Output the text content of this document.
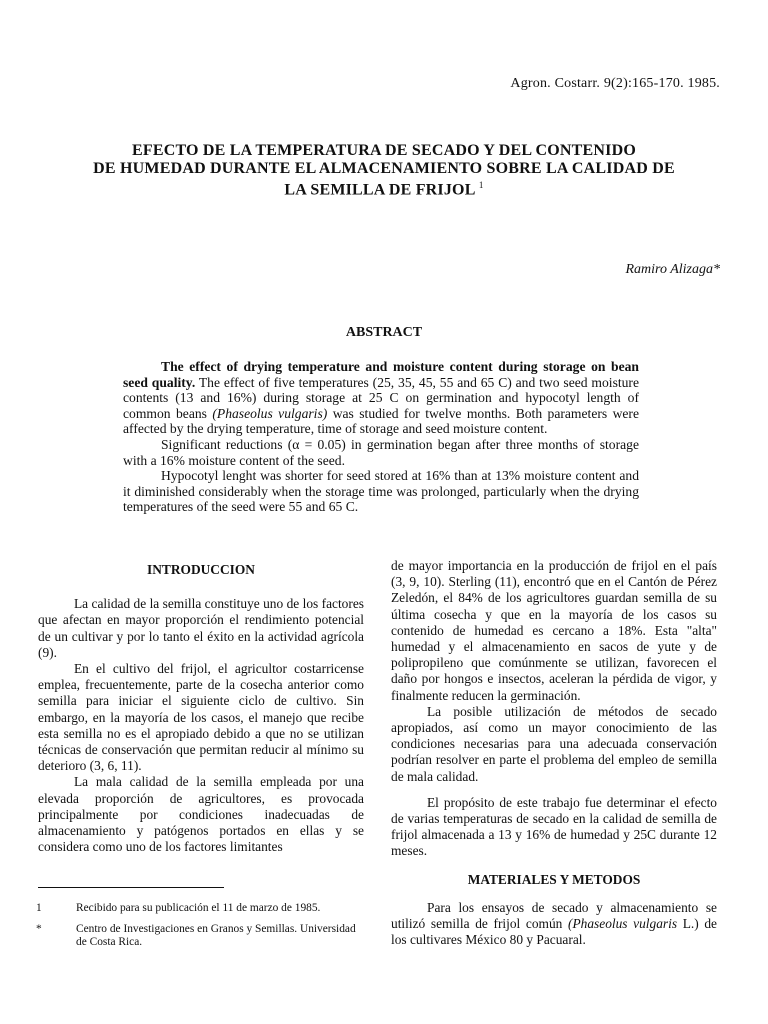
Agron. Costarr. 9(2):165-170. 1985.
EFECTO DE LA TEMPERATURA DE SECADO Y DEL CONTENIDO
DE HUMEDAD DURANTE EL ALMACENAMIENTO SOBRE LA CALIDAD DE
LA SEMILLA DE FRIJOL $^1$
Ramiro Alizaga*
ABSTRACT

The effect of drying temperature and moisture content during storage on bean seed quality. The effect of five temperatures (25, 35, 45, 55 and 65 C) and two seed moisture contents (13 and 16%) during storage at 25 C on germination and hypocotyl length of common beans (Phaseolus vulgaris) was studied for twelve months. Both parameters were affected by the drying temperature, time of storage and seed moisture content.

Significant reductions (α = 0.05) in germination began after three months of storage with a 16% moisture content of the seed.

Hypocotyl lenght was shorter for seed stored at 16% than at 13% moisture content and it diminished considerably when the storage time was prolonged, particularly when the drying temperatures of the seed were 55 and 65 C.

INTRODUCCION

La calidad de la semilla constituye uno de los factores que afectan en mayor proporción el rendimiento potencial de un cultivar y por lo tanto el éxito en la actividad agrícola (9).

En el cultivo del frijol, el agricultor costarricense emplea, frecuentemente, parte de la cosecha anterior como semilla para iniciar el siguiente ciclo de cultivo. Sin embargo, en la mayoría de los casos, el manejo que recibe esta semilla no es el apropiado debido a que no se utilizan técnicas de conservación que permitan reducir al mínimo su deterioro (3, 6, 11).

La mala calidad de la semilla empleada por una elevada proporción de agricultores, es provocada principalmente por condiciones inadecuadas de almacenamiento y patógenos portados en ellas y se considera como uno de los factores limitantes

1	Recibido para su publicación el 11 de marzo de 1985.
*	Centro de Investigaciones en Granos y Semillas. Universidad de Costa Rica.

de mayor importancia en la producción de frijol en el país (3, 9, 10). Sterling (11), encontró que en el Cantón de Pérez Zeledón, el 84% de los agricultores guardan semilla de su última cosecha y que en la mayoría de los casos su contenido de humedad es cercano a 18%. Esta "alta" humedad y el almacenamiento en sacos de yute y de polipropileno que comúnmente se utilizan, favorecen el daño por hongos e insectos, aceleran la pérdida de vigor, y finalmente reducen la germinación.

La posible utilización de métodos de secado apropiados, así como un mayor conocimiento de las condiciones necesarias para una adecuada conservación podrían resolver en parte el problema del empleo de semilla de mala calidad.

El propósito de este trabajo fue determinar el efecto de varias temperaturas de secado en la calidad de semilla de frijol almacenada a 13 y 16% de humedad y 25C durante 12 meses.

MATERIALES Y METODOS

Para los ensayos de secado y almacenamiento se utilizó semilla de frijol común (Phaseolus vulgaris L.) de los cultivares México 80 y Pacuaral.
